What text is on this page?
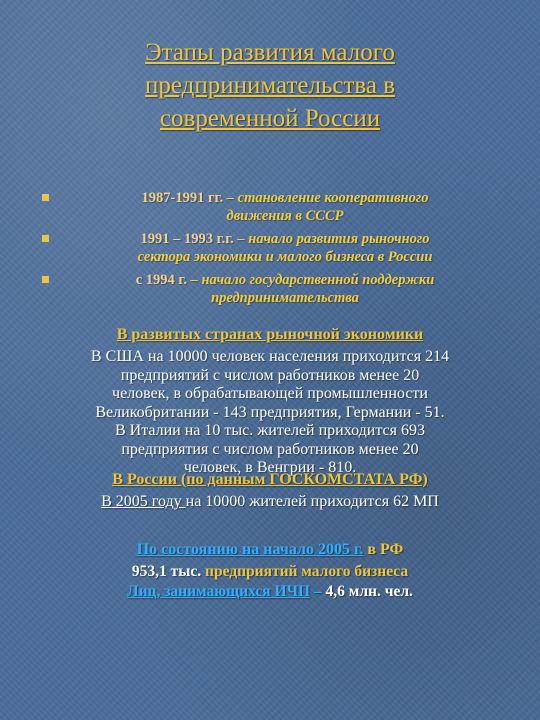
Этапы развития малого
предпринимательства в
современной России
1987-1991 гг. – становление кооперативного
движения в СССР
1991 – 1993 г.г. – начало развития рыночного
сектора экономики и малого бизнеса в России
с 1994 г. – начало государственной поддержки
предпринимательства
В развитых странах рыночной экономики
В США на 10000 человек населения приходится 214
предприятий с числом работников менее 20
человек, в обрабатывающей промышленности
Великобритании - 143 предприятия, Германии - 51.
В Италии на 10 тыс. жителей приходится 693
предприятия с числом работников менее 20
человек, в Венгрии - 810.
В России (по данным ГОСКОМСТАТА РФ)
В 2005 году на 10000 жителей приходится 62 МП
По состоянию на начало 2005 г. в РФ
953,1 тыс. предприятий малого бизнеса
Лиц, занимающихся ИЧП – 4,6 млн. чел.
